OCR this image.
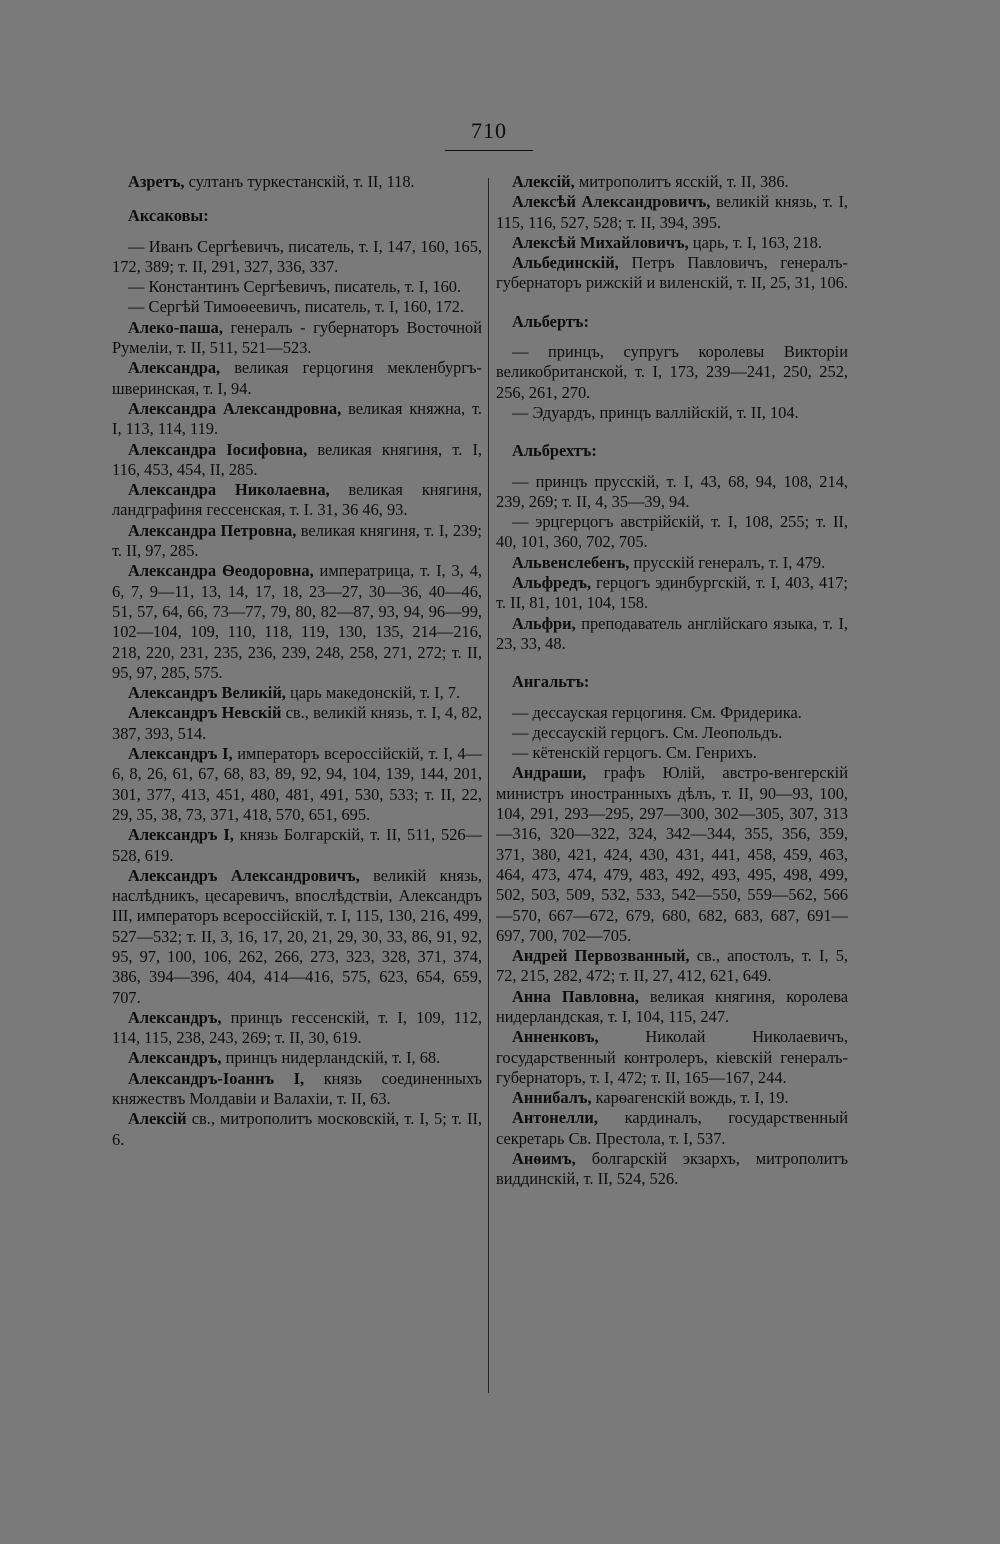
710

Азретъ, султанъ туркестанскій, т. II, 118.

Аксаковы:

— Иванъ Сергѣевичъ, писатель, т. I, 147, 160, 165, 172, 389; т. II, 291, 327, 336, 337.

— Константинъ Сергѣевичъ, писатель, т. I, 160.

— Сергѣй Тимоѳеевичъ, писатель, т. I, 160, 172.

Алеко-паша, генералъ - губернаторъ Восточной Румеліи, т. II, 511, 521—523.

Александра, великая герцогиня мекленбургъ-шверинская, т. I, 94.

Александра Александровна, великая княжна, т. I, 113, 114, 119.

Александра Іосифовна, великая княгиня, т. I, 116, 453, 454, II, 285.

Александра Николаевна, великая княгиня, ландграфиня гессенская, т. I. 31, 36 46, 93.

Александра Петровна, великая княгиня, т. I, 239; т. II, 97, 285.

Александра Ѳеодоровна, императрица, т. I, 3, 4, 6, 7, 9—11, 13, 14, 17, 18, 23—27, 30—36, 40—46, 51, 57, 64, 66, 73—77, 79, 80, 82—87, 93, 94, 96—99, 102—104, 109, 110, 118, 119, 130, 135, 214—216, 218, 220, 231, 235, 236, 239, 248, 258, 271, 272; т. II, 95, 97, 285, 575.

Александръ Великій, царь македонскій, т. I, 7.

Александръ Невскій св., великій князь, т. I, 4, 82, 387, 393, 514.

Александръ I, императоръ всероссійскій, т. I, 4—6, 8, 26, 61, 67, 68, 83, 89, 92, 94, 104, 139, 144, 201, 301, 377, 413, 451, 480, 481, 491, 530, 533; т. II, 22, 29, 35, 38, 73, 371, 418, 570, 651, 695.

Александръ I, князь Болгарскій, т. II, 511, 526—528, 619.

Александръ Александровичъ, великій князь, наслѣдникъ, цесаревичъ, впослѣдствіи, Александръ III, императоръ всероссійскій, т. I, 115, 130, 216, 499, 527—532; т. II, 3, 16, 17, 20, 21, 29, 30, 33, 86, 91, 92, 95, 97, 100, 106, 262, 266, 273, 323, 328, 371, 374, 386, 394—396, 404, 414—416, 575, 623, 654, 659, 707.

Александръ, принцъ гессенскій, т. I, 109, 112, 114, 115, 238, 243, 269; т. II, 30, 619.

Александръ, принцъ нидерландскій, т. I, 68.

Александръ-Іоаннъ I, князь соединенныхъ княжествъ Молдавіи и Валахіи, т. II, 63.

Алексій св., митрополитъ московскій, т. I, 5; т. II, 6.

Алексій, митрополитъ ясскій, т. II, 386.

Алексѣй Александровичъ, великій князь, т. I, 115, 116, 527, 528; т. II, 394, 395.

Алексѣй Михайловичъ, царь, т. I, 163, 218.

Альбединскій, Петръ Павловичъ, генералъ-губернаторъ рижскій и виленскій, т. II, 25, 31, 106.

Альбертъ:

— принцъ, супругъ королевы Викторіи великобританской, т. I, 173, 239—241, 250, 252, 256, 261, 270.

— Эдуардъ, принцъ валлійскій, т. II, 104.

Альбрехтъ:

— принцъ прусскій, т. I, 43, 68, 94, 108, 214, 239, 269; т. II, 4, 35—39, 94.

— эрцгерцогъ австрійскій, т. I, 108, 255; т. II, 40, 101, 360, 702, 705.

Альвенслебенъ, прусскій генералъ, т. I, 479.

Альфредъ, герцогъ эдинбургскій, т. I, 403, 417; т. II, 81, 101, 104, 158.

Альфри, преподаватель англійскаго языка, т. I, 23, 33, 48.

Ангальтъ:

— дессауская герцогиня. См. Фридерика.

— дессаускій герцогъ. См. Леопольдъ.

— кётенскій герцогъ. См. Генрихъ.

Андраши, графъ Юлій, австро-венгерскій министръ иностранныхъ дѣлъ, т. II, 90—93, 100, 104, 291, 293—295, 297—300, 302—305, 307, 313—316, 320—322, 324, 342—344, 355, 356, 359, 371, 380, 421, 424, 430, 431, 441, 458, 459, 463, 464, 473, 474, 479, 483, 492, 493, 495, 498, 499, 502, 503, 509, 532, 533, 542—550, 559—562, 566—570, 667—672, 679, 680, 682, 683, 687, 691—697, 700, 702—705.

Андрей Первозванный, св., апостолъ, т. I, 5, 72, 215, 282, 472; т. II, 27, 412, 621, 649.

Анна Павловна, великая княгиня, королева нидерландская, т. I, 104, 115, 247.

Анненковъ, Николай Николаевичъ, государственный контролеръ, кіевскій генералъ-губернаторъ, т. I, 472; т. II, 165—167, 244.

Аннибалъ, карѳагенскій вождь, т. I, 19.

Антонелли, кардиналъ, государственный секретарь Св. Престола, т. I, 537.

Анѳимъ, болгарскій экзархъ, митрополитъ виддинскій, т. II, 524, 526.
